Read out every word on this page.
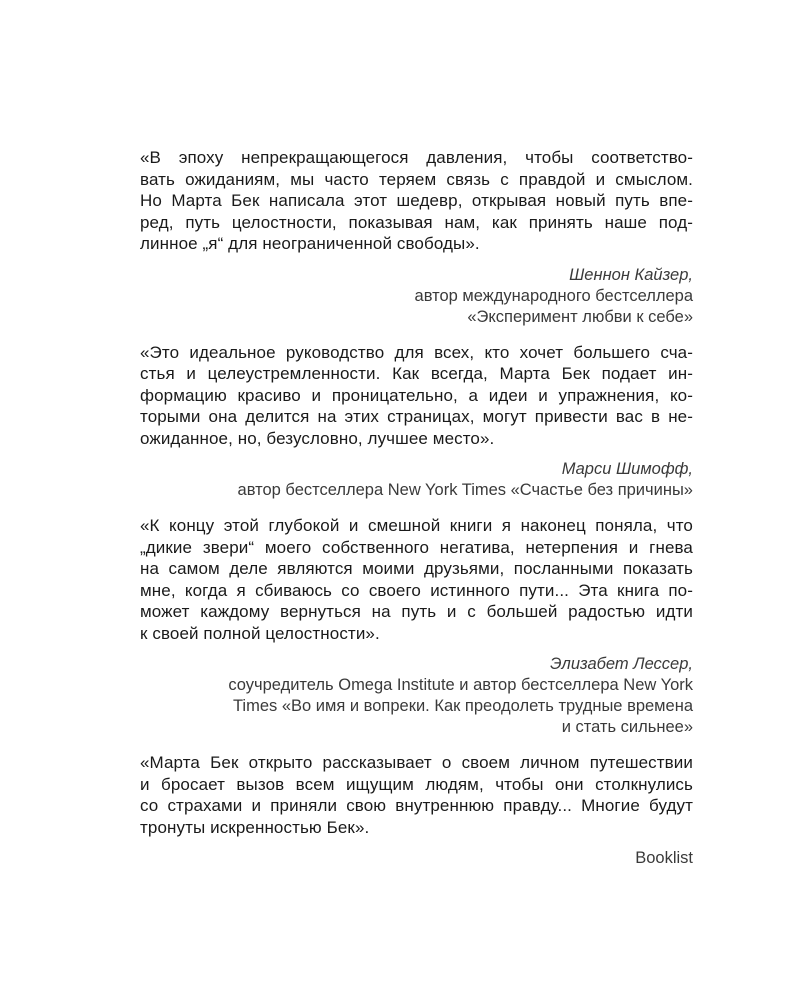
«В эпоху непрекращающегося давления, чтобы соответство-
вать ожиданиям, мы часто теряем связь с правдой и смыслом.
Но Марта Бек написала этот шедевр, открывая новый путь впе-
ред, путь целостности, показывая нам, как принять наше под-
линное „я“ для неограниченной свободы».

Шеннон Кайзер,
автор международного бестселлера
«Эксперимент любви к себе»

«Это идеальное руководство для всех, кто хочет большего сча-
стья и целеустремленности. Как всегда, Марта Бек подает ин-
формацию красиво и проницательно, а идеи и упражнения, ко-
торыми она делится на этих страницах, могут привести вас в не-
ожиданное, но, безусловно, лучшее место».

Марси Шимофф,
автор бестселлера New York Times «Счастье без причины»

«К концу этой глубокой и смешной книги я наконец поняла, что
„дикие звери“ моего собственного негатива, нетерпения и гнева
на самом деле являются моими друзьями, посланными показать
мне, когда я сбиваюсь со своего истинного пути... Эта книга по-
может каждому вернуться на путь и с большей радостью идти
к своей полной целостности».

Элизабет Лессер,
соучредитель Omega Institute и автор бестселлера New York
Times «Во имя и вопреки. Как преодолеть трудные времена
и стать сильнее»

«Марта Бек открыто рассказывает о своем личном путешествии
и бросает вызов всем ищущим людям, чтобы они столкнулись
со страхами и приняли свою внутреннюю правду... Многие будут
тронуты искренностью Бек».

Booklist
